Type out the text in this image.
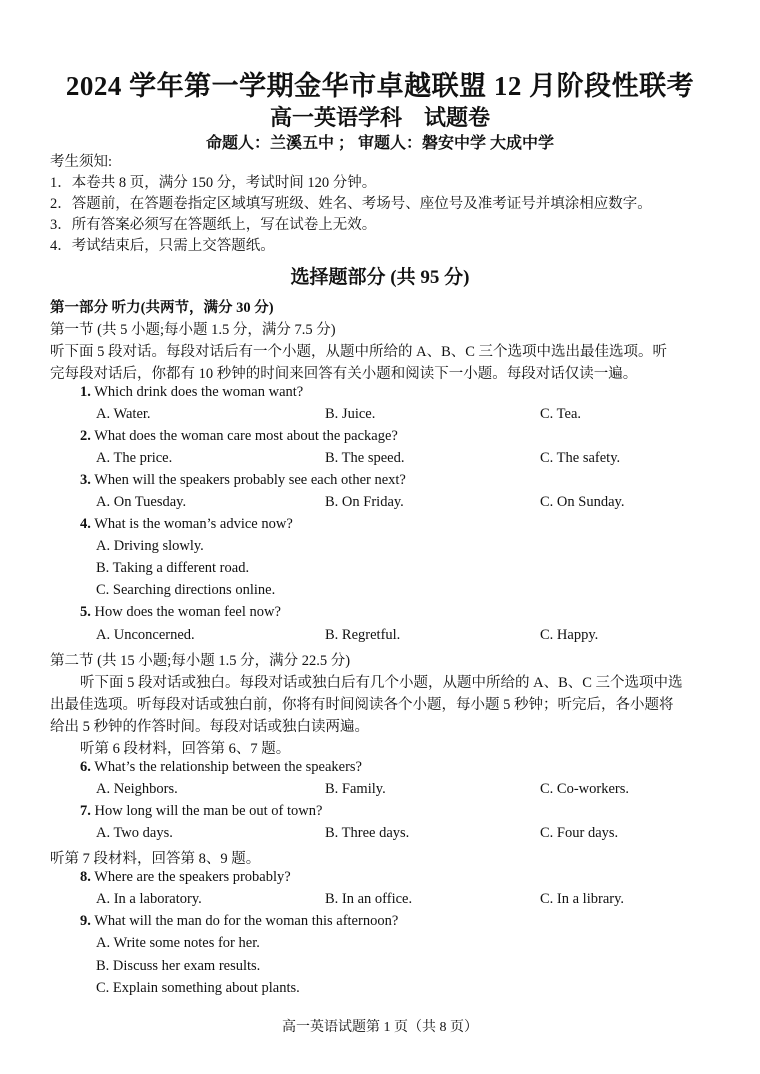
2024 学年第一学期金华市卓越联盟 12 月阶段性联考
高一英语学科　试题卷
命题人：兰溪五中 ； 审题人：磐安中学 大成中学
考生须知:
1．本卷共 8 页，满分 150 分，考试时间 120 分钟。
2．答题前，在答题卷指定区域填写班级、姓名、考场号、座位号及准考证号并填涂相应数字。
3．所有答案必须写在答题纸上，写在试卷上无效。
4．考试结束后，只需上交答题纸。
选择题部分 (共 95 分)
第一部分 听力(共两节，满分 30 分)
第一节 (共 5 小题;每小题 1.5 分，满分 7.5 分)
听下面 5 段对话。每段对话后有一个小题，从题中所给的 A、B、C 三个选项中选出最佳选项。听
完每段对话后，你都有 10 秒钟的时间来回答有关小题和阅读下一小题。每段对话仅读一遍。
1. Which drink does the woman want?
A. Water.	B. Juice.	C. Tea.
2. What does the woman care most about the package?
A. The price.	B. The speed.	C. The safety.
3. When will the speakers probably see each other next?
A. On Tuesday.	B. On Friday.	C. On Sunday.
4. What is the woman’s advice now?
A. Driving slowly.
B. Taking a different road.
C. Searching directions online.
5. How does the woman feel now?
A. Unconcerned.	B. Regretful.	C. Happy.
第二节 (共 15 小题;每小题 1.5 分，满分 22.5 分)
听下面 5 段对话或独白。每段对话或独白后有几个小题，从题中所给的 A、B、C 三个选项中选
出最佳选项。听每段对话或独白前，你将有时间阅读各个小题，每小题 5 秒钟；听完后，各小题将
给出 5 秒钟的作答时间。每段对话或独白读两遍。
听第 6 段材料，回答第 6、7 题。
6. What’s the relationship between the speakers?
A. Neighbors.	B. Family.	C. Co-workers.
7. How long will the man be out of town?
A. Two days.	B. Three days.	C. Four days.
听第 7 段材料，回答第 8、9 题。
8. Where are the speakers probably?
A. In a laboratory.	B. In an office.	C. In a library.
9. What will the man do for the woman this afternoon?
A. Write some notes for her.
B. Discuss her exam results.
C. Explain something about plants.
高一英语试题第 1 页（共 8 页）
